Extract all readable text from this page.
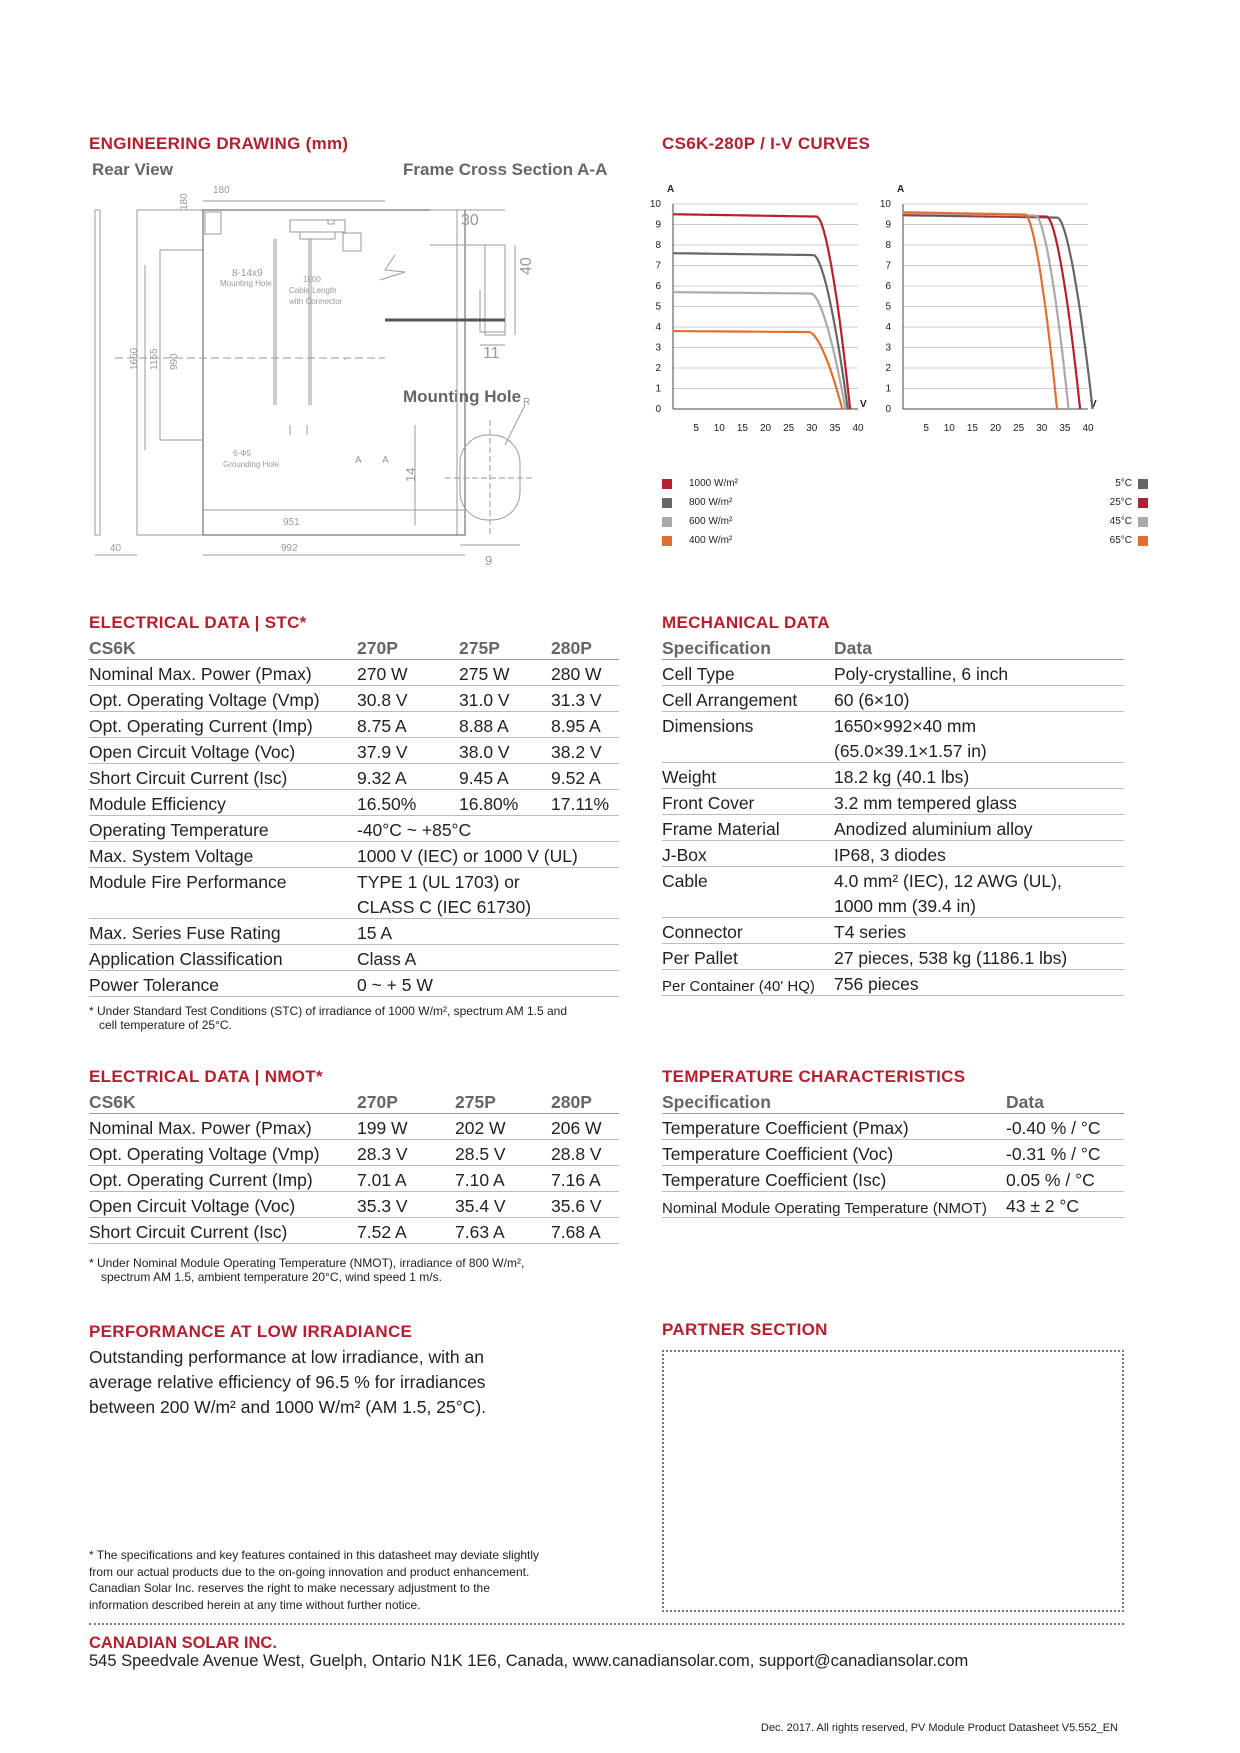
ENGINEERING DRAWING (mm)
Rear View	Frame Cross Section A-A
Mounting Hole
180
180
8-14x9
Mounting Hole	1000
Cable Length
with Connector
1650 1155 990
6-Φ5
Grounding Hole	A A
951
992
40
30
40
11
R
14
9
CS6K-280P / I-V CURVES
A
10
9
8
7
6
5
4
3
2
1
0
5 10 15 20 25 30 35 40
V
A
10
9
8
7
6
5
4
3
2
1
0
5 10 15 20 25 30 35 40
V
1000 W/m²
800 W/m²
600 W/m²
400 W/m²
5°C
25°C
45°C
65°C
ELECTRICAL DATA | STC*
CS6K	270P	275P	280P
Nominal Max. Power (Pmax)	270 W	275 W	280 W
Opt. Operating Voltage (Vmp)	30.8 V	31.0 V	31.3 V
Opt. Operating Current (Imp)	8.75 A	8.88 A	8.95 A
Open Circuit Voltage (Voc)	37.9 V	38.0 V	38.2 V
Short Circuit Current (Isc)	9.32 A	9.45 A	9.52 A
Module Efficiency	16.50%	16.80%	17.11%
Operating Temperature	-40°C ~ +85°C		
Max. System Voltage	1000 V (IEC) or 1000 V (UL)		
Module Fire Performance	TYPE 1 (UL 1703) or		
	CLASS C (IEC 61730)		
Max. Series Fuse Rating	15 A		
Application Classification	Class A		
Power Tolerance	0 ~ + 5 W		
* Under Standard Test Conditions (STC) of irradiance of 1000 W/m², spectrum AM 1.5 and
cell temperature of 25°C.
MECHANICAL DATA
Specification	Data
Cell Type	Poly-crystalline, 6 inch
Cell Arrangement	60 (6×10)
Dimensions	1650×992×40 mm
	(65.0×39.1×1.57 in)
Weight	18.2 kg (40.1 lbs)
Front Cover	3.2 mm tempered glass
Frame Material	Anodized aluminium alloy
J-Box	IP68, 3 diodes
Cable	4.0 mm² (IEC), 12 AWG (UL),
	1000 mm (39.4 in)
Connector	T4 series
Per Pallet	27 pieces, 538 kg (1186.1 lbs)
Per Container (40' HQ)	756 pieces
ELECTRICAL DATA | NMOT*
CS6K	270P	275P	280P
Nominal Max. Power (Pmax)	199 W	202 W	206 W
Opt. Operating Voltage (Vmp)	28.3 V	28.5 V	28.8 V
Opt. Operating Current (Imp)	7.01 A	7.10 A	7.16 A
Open Circuit Voltage (Voc)	35.3 V	35.4 V	35.6 V
Short Circuit Current (Isc)	7.52 A	7.63 A	7.68 A
* Under Nominal Module Operating Temperature (NMOT), irradiance of 800 W/m²,
spectrum AM 1.5, ambient temperature 20°C, wind speed 1 m/s.
TEMPERATURE CHARACTERISTICS
Specification	Data
Temperature Coefficient (Pmax)	-0.40 % / °C
Temperature Coefficient (Voc)	-0.31 % / °C
Temperature Coefficient (Isc)	0.05 % / °C
Nominal Module Operating Temperature (NMOT)	43 ± 2 °C
PERFORMANCE AT LOW IRRADIANCE
Outstanding performance at low irradiance, with an
average relative efficiency of 96.5 % for irradiances
between 200 W/m² and 1000 W/m² (AM 1.5, 25°C).
PARTNER SECTION
* The specifications and key features contained in this datasheet may deviate slightly
from our actual products due to the on-going innovation and product enhancement.
Canadian Solar Inc. reserves the right to make necessary adjustment to the
information described herein at any time without further notice.
CANADIAN SOLAR INC.
545 Speedvale Avenue West, Guelph, Ontario N1K 1E6, Canada, www.canadiansolar.com, support@canadiansolar.com
Dec. 2017. All rights reserved, PV Module Product Datasheet V5.552_EN
